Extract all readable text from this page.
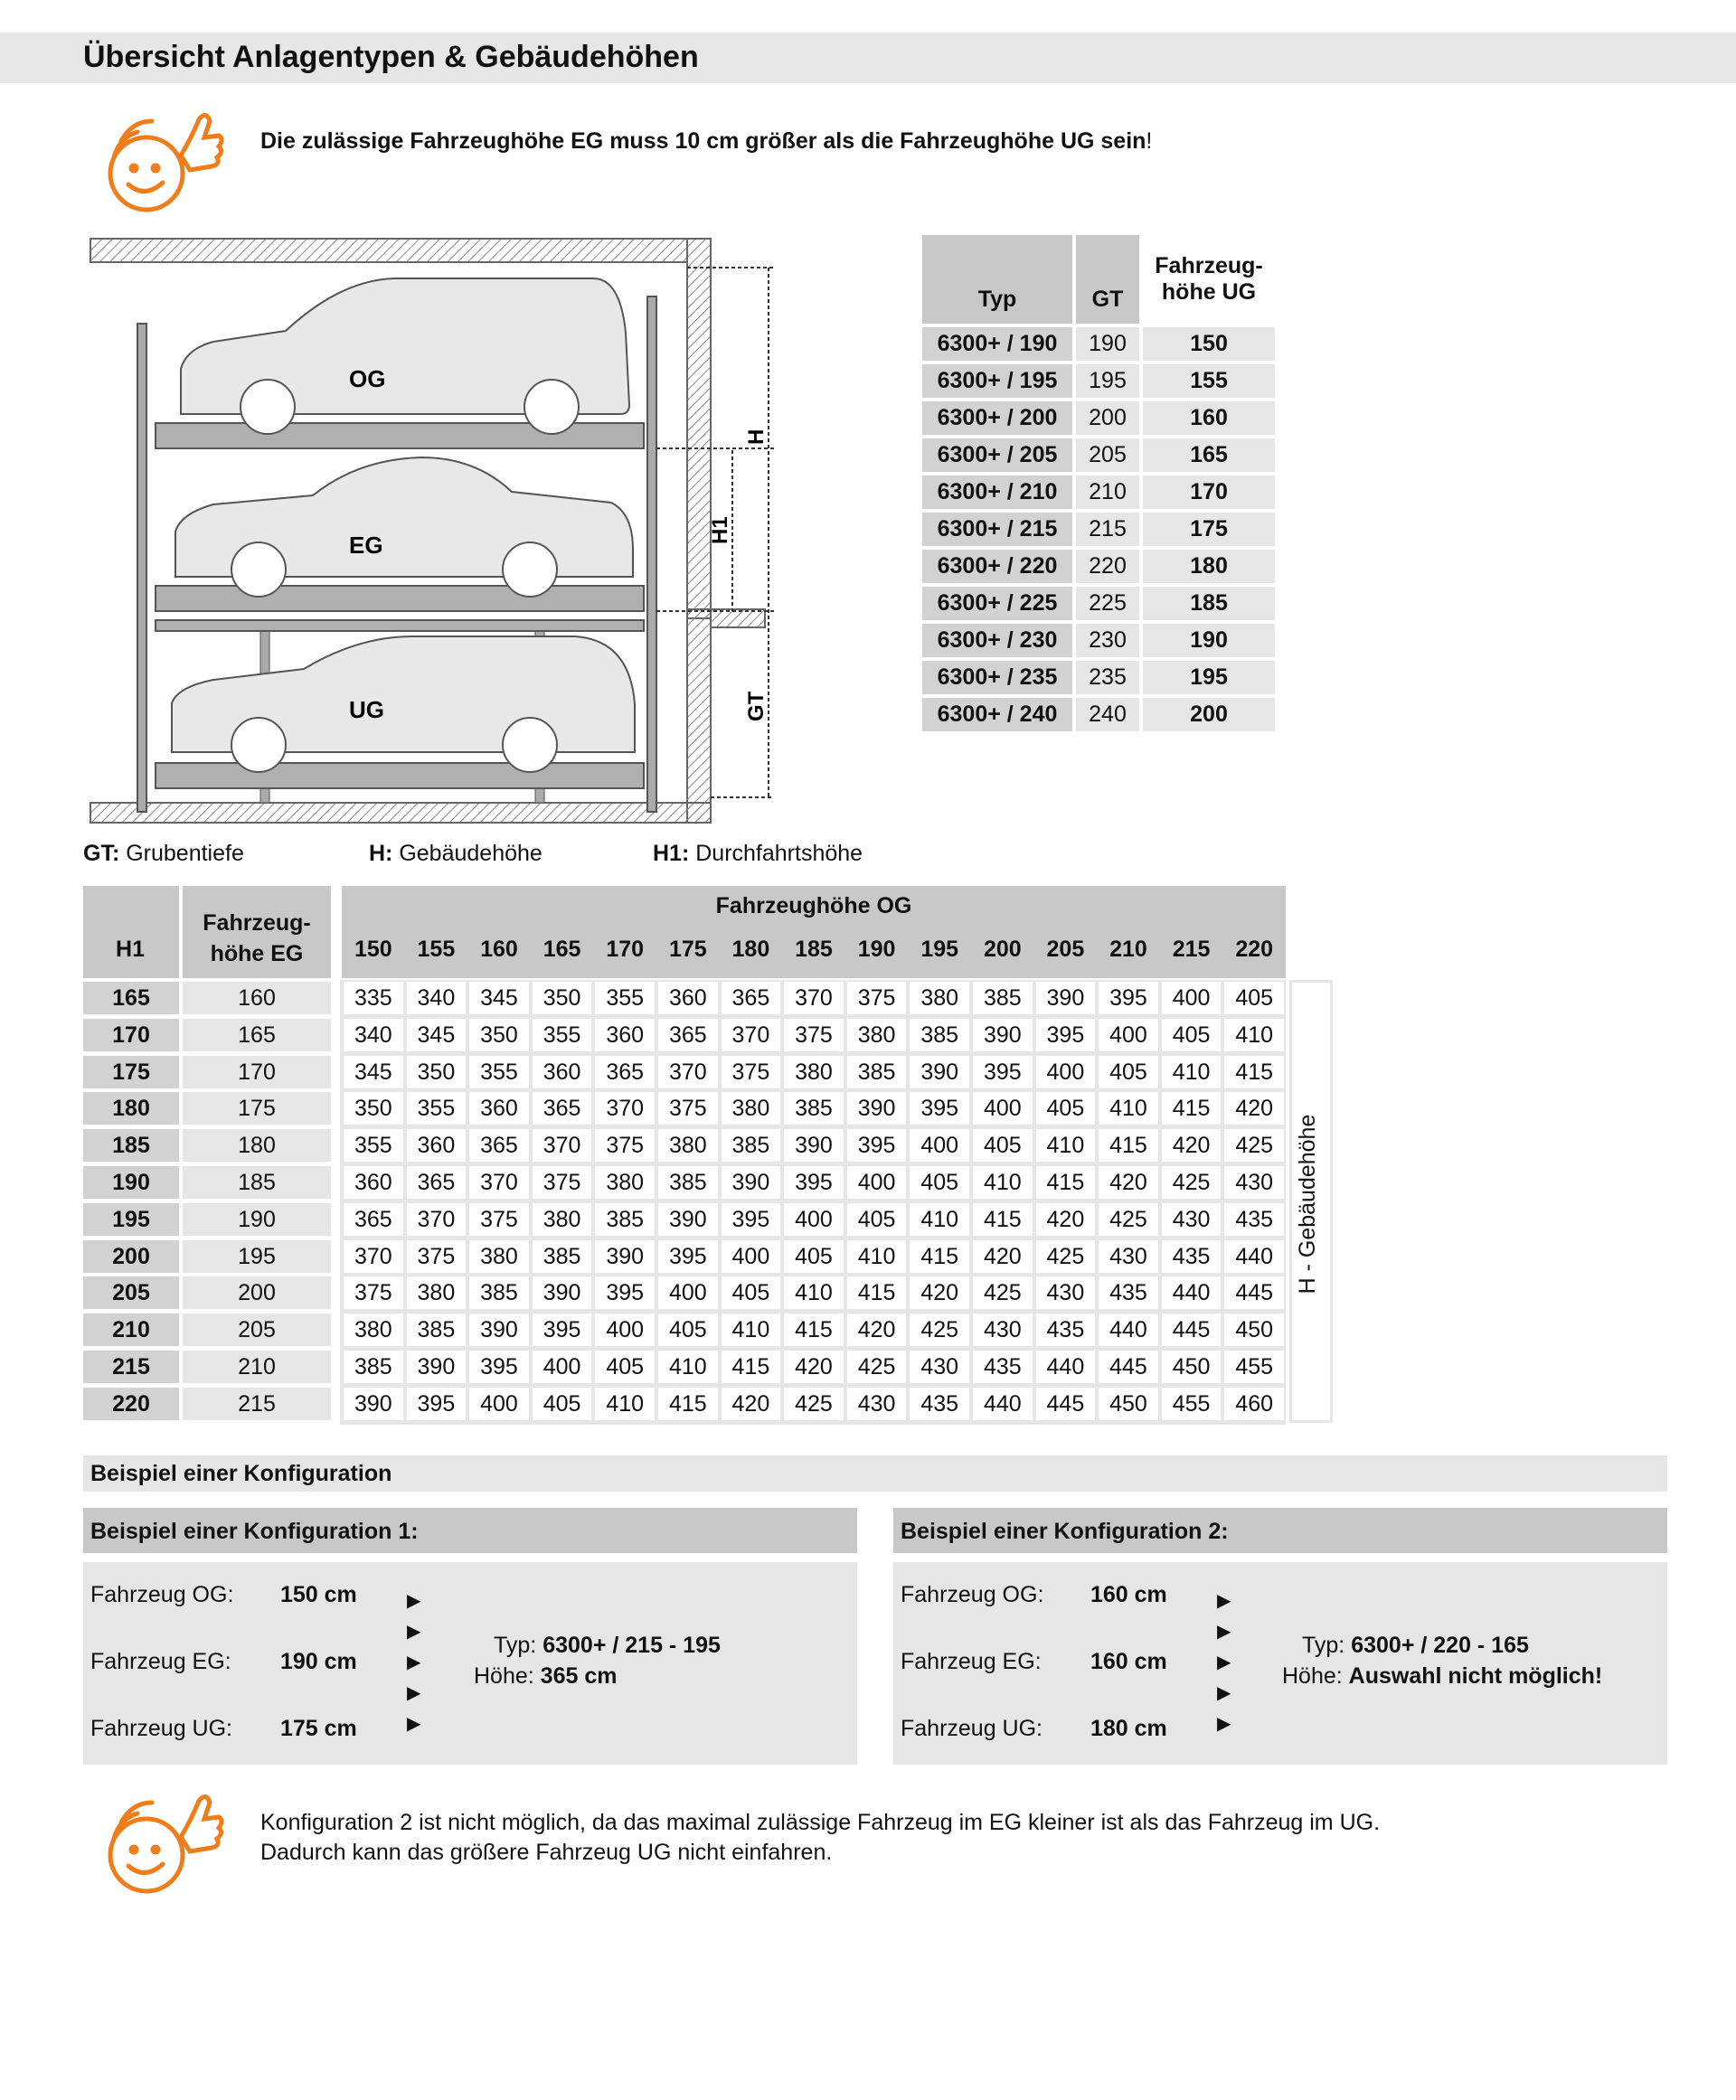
Übersicht Anlagentypen & Gebäudehöhen
Die zulässige Fahrzeughöhe EG muss 10 cm größer als die Fahrzeughöhe UG sein!
OG
EG
UG
H
H1
GT
GT: Grubentiefe	H: Gebäudehöhe	H1: Durchfahrtshöhe
Typ	GT	Fahrzeug-
höhe UG
6300+ / 190	190	150
6300+ / 195	195	155
6300+ / 200	200	160
6300+ / 205	205	165
6300+ / 210	210	170
6300+ / 215	215	175
6300+ / 220	220	180
6300+ / 225	225	185
6300+ / 230	230	190
6300+ / 235	235	195
6300+ / 240	240	200
H1
Fahrzeug-
höhe EG
Fahrzeughöhe OG
150	155	160	165	170	175	180	185	190	195	200	205	210	215	220
165	160	335	340	345	350	355	360	365	370	375	380	385	390	395	400	405
170	165	340	345	350	355	360	365	370	375	380	385	390	395	400	405	410
175	170	345	350	355	360	365	370	375	380	385	390	395	400	405	410	415
180	175	350	355	360	365	370	375	380	385	390	395	400	405	410	415	420
185	180	355	360	365	370	375	380	385	390	395	400	405	410	415	420	425
190	185	360	365	370	375	380	385	390	395	400	405	410	415	420	425	430
195	190	365	370	375	380	385	390	395	400	405	410	415	420	425	430	435
200	195	370	375	380	385	390	395	400	405	410	415	420	425	430	435	440
205	200	375	380	385	390	395	400	405	410	415	420	425	430	435	440	445
210	205	380	385	390	395	400	405	410	415	420	425	430	435	440	445	450
215	210	385	390	395	400	405	410	415	420	425	430	435	440	445	450	455
220	215	390	395	400	405	410	415	420	425	430	435	440	445	450	455	460
H - Gebäudehöhe
Beispiel einer Konfiguration
Beispiel einer Konfiguration 1:
Fahrzeug OG: 150 cm
Fahrzeug EG: 190 cm
Fahrzeug UG: 175 cm
▶
▶
▶
▶
▶
Typ: 6300+ / 215 - 195
Höhe: 365 cm
Beispiel einer Konfiguration 2:
Fahrzeug OG: 160 cm
Fahrzeug EG: 160 cm
Fahrzeug UG: 180 cm
▶
▶
▶
▶
▶
Typ: 6300+ / 220 - 165
Höhe: Auswahl nicht möglich!
Konfiguration 2 ist nicht möglich, da das maximal zulässige Fahrzeug im EG kleiner ist als das Fahrzeug im UG.
Dadurch kann das größere Fahrzeug UG nicht einfahren.
